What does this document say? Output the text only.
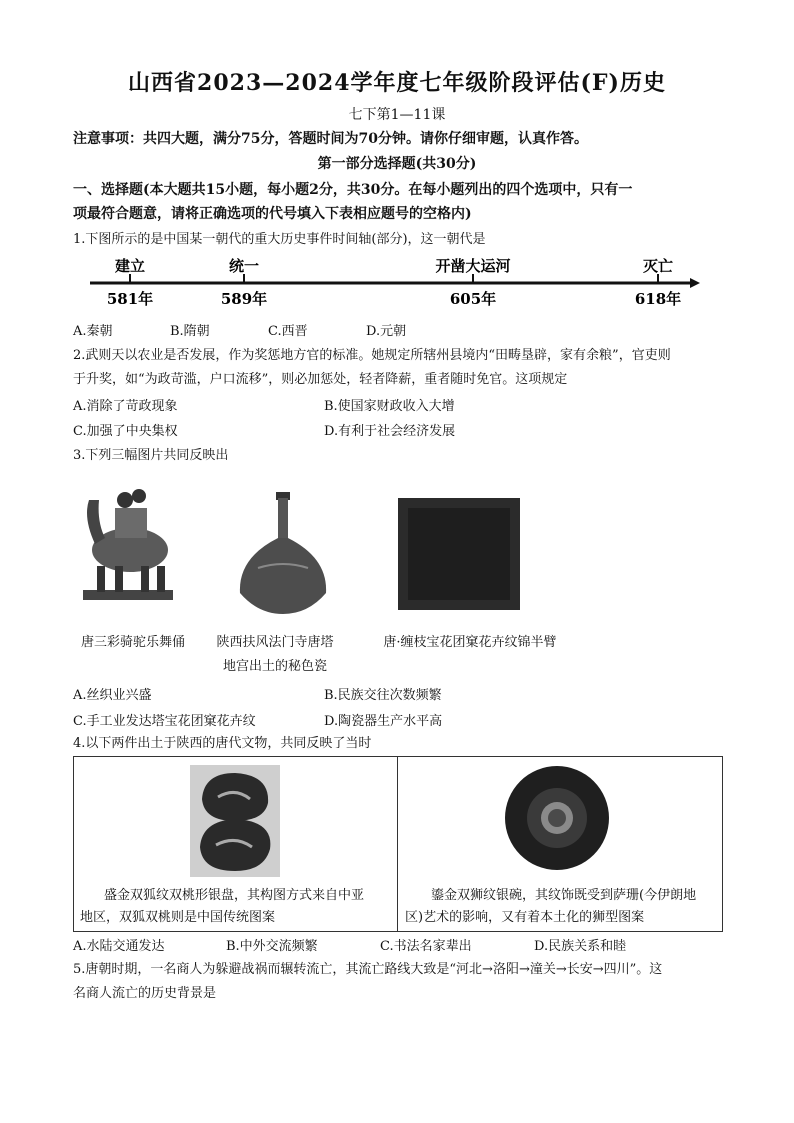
山西省2023—2024学年度七年级阶段评估(F)历史
七下第1—11课
注意事项：共四大题，满分75分，答题时间为70分钟。请你仔细审题，认真作答。
第一部分选择题(共30分)
一、选择题(本大题共15小题，每小题2分，共30分。在每小题列出的四个选项中，只有一
项最符合题意，请将正确选项的代号填入下表相应题号的空格内)
1.下图所示的是中国某一朝代的重大历史事件时间轴(部分)，这一朝代是
建立	统一	开凿大运河	灭亡
581年	589年	605年	618年
A.秦朝	B.隋朝	C.西晋	D.元朝
2.武则天以农业是否发展，作为奖惩地方官的标准。她规定所辖州县境内“田畴垦辟，家有余粮”，官吏则
于升奖，如“为政苛滥，户口流移”，则必加惩处，轻者降薪，重者随时免官。这项规定
A.消除了苛政现象	B.使国家财政收入大增
C.加强了中央集权	D.有利于社会经济发展
3.下列三幅图片共同反映出
唐三彩骑驼乐舞俑	陕西扶风法门寺唐塔
地宫出土的秘色瓷
唐·缠枝宝花团窠花卉纹锦半臂
A.丝织业兴盛	B.民族交往次数频繁
C.手工业发达塔宝花团窠花卉纹	D.陶瓷器生产水平高
4.以下两件出土于陕西的唐代文物，共同反映了当时
盛金双狐纹双桃形银盘，其构图方式来自中亚
地区，双狐双桃则是中国传统图案
鎏金双狮纹银碗，其纹饰既受到萨珊(今伊朗地
区)艺术的影响，又有着本土化的狮型图案
A.水陆交通发达	B.中外交流频繁	C.书法名家辈出	D.民族关系和睦
5.唐朝时期，一名商人为躲避战祸而辗转流亡，其流亡路线大致是“河北→洛阳→潼关→长安→四川”。这
名商人流亡的历史背景是
